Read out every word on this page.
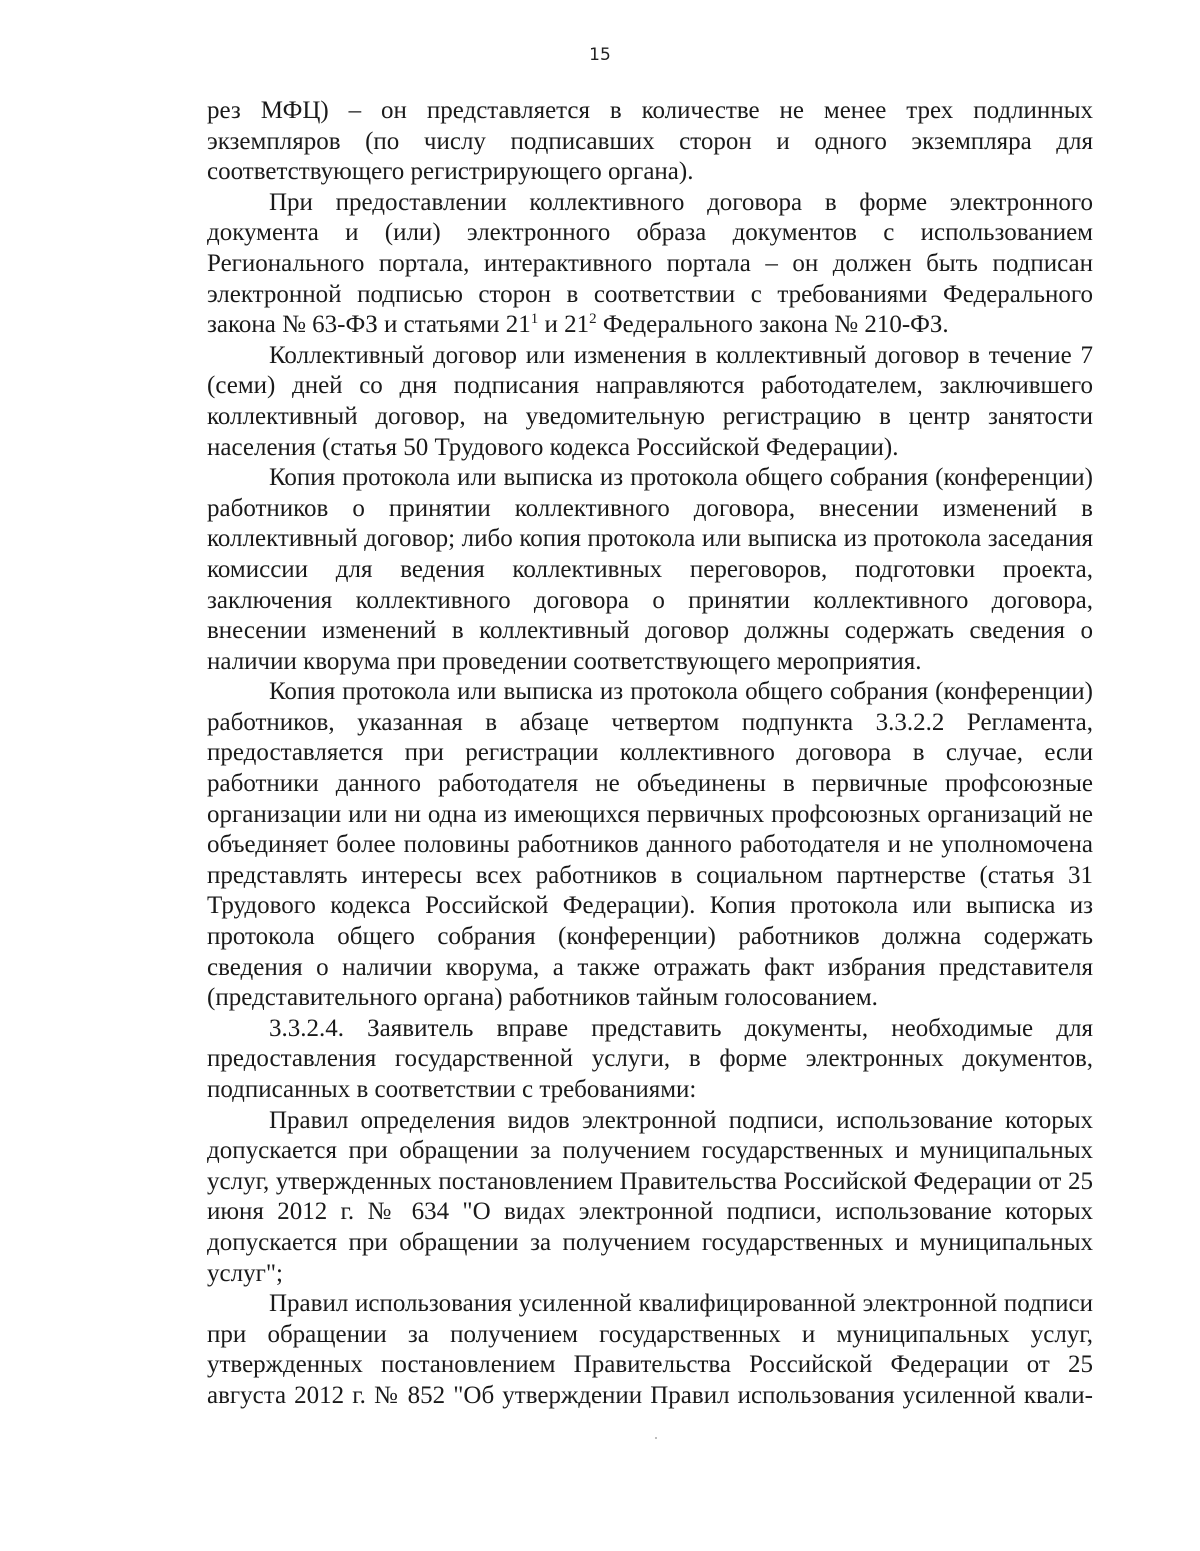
15

рез МФЦ) – он представляется в количестве не менее трех подлинных экземпляров (по числу подписавших сторон и одного экземпляра для соответствующего регистрирующего органа).

При предоставлении коллективного договора в форме электронного документа и (или) электронного образа документов с использованием Регионального портала, интерактивного портала – он должен быть подписан электронной подписью сторон в соответствии с требованиями Федерального закона № 63-ФЗ и статьями $21^1$ и $21^2$ Федерального закона № 210-ФЗ.

Коллективный договор или изменения в коллективный договор в течение 7 (семи) дней со дня подписания направляются работодателем, заключившего коллективный договор, на уведомительную регистрацию в центр занятости населения (статья 50 Трудового кодекса Российской Федерации).

Копия протокола или выписка из протокола общего собрания (конференции) работников о принятии коллективного договора, внесении изменений в коллективный договор; либо копия протокола или выписка из протокола заседания комиссии для ведения коллективных переговоров, подготовки проекта, заключения коллективного договора о принятии коллективного договора, внесении изменений в коллективный договор должны содержать сведения о наличии кворума при проведении соответствующего мероприятия.

Копия протокола или выписка из протокола общего собрания (конференции) работников, указанная в абзаце четвертом подпункта 3.3.2.2 Регламента, предоставляется при регистрации коллективного договора в случае, если работники данного работодателя не объединены в первичные профсоюзные организации или ни одна из имеющихся первичных профсоюзных организаций не объединяет более половины работников данного работодателя и не уполномочена представлять интересы всех работников в социальном партнерстве (статья 31 Трудового кодекса Российской Федерации). Копия протокола или выписка из протокола общего собрания (конференции) работников должна содержать сведения о наличии кворума, а также отражать факт избрания представителя (представительного органа) работников тайным голосованием.

3.3.2.4. Заявитель вправе представить документы, необходимые для предоставления государственной услуги, в форме электронных документов, подписанных в соответствии с требованиями:

Правил определения видов электронной подписи, использование которых допускается при обращении за получением государственных и муниципальных услуг, утвержденных постановлением Правительства Российской Федерации от 25 июня 2012 г. № 634 "О видах электронной подписи, использование которых допускается при обращении за получением государственных и муниципальных услуг";

Правил использования усиленной квалифицированной электронной подписи при обращении за получением государственных и муниципальных услуг, утвержденных постановлением Правительства Российской Федерации от 25 августа 2012 г. № 852 "Об утверждении Правил использования усиленной квали-
